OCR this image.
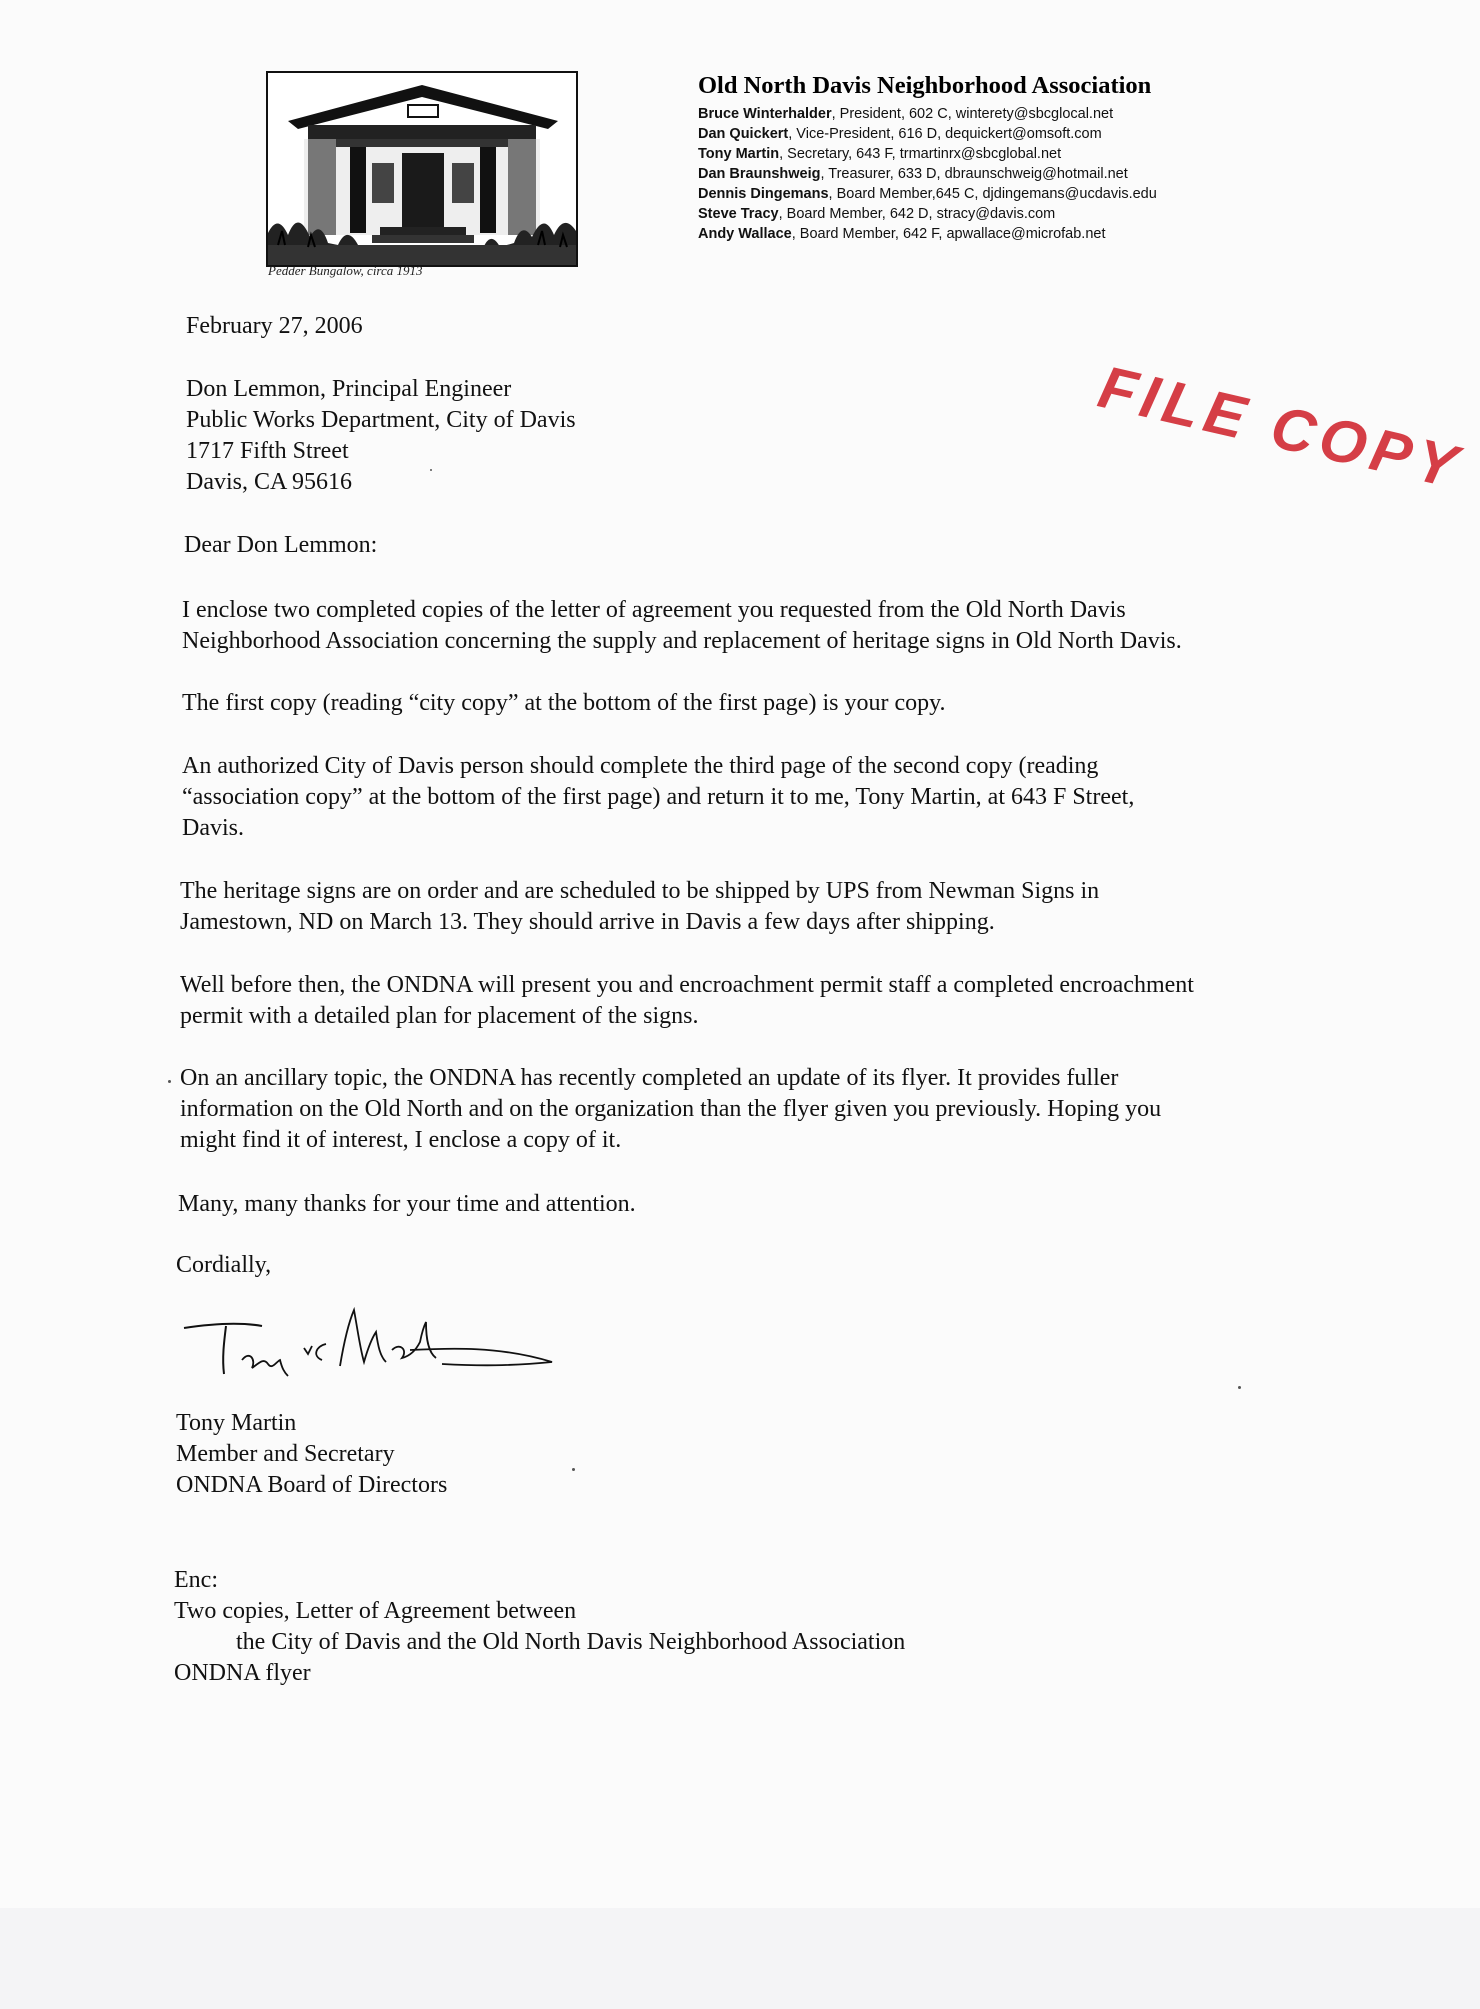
Pedder Bungalow, circa 1913
Old North Davis Neighborhood Association
Bruce Winterhalder, President, 602 C, winterety@sbcglocal.net
Dan Quickert, Vice-President, 616 D, dequickert@omsoft.com
Tony Martin, Secretary, 643 F, trmartinrx@sbcglobal.net
Dan Braunshweig, Treasurer, 633 D, dbraunschweig@hotmail.net
Dennis Dingemans, Board Member,645 C, djdingemans@ucdavis.edu
Steve Tracy, Board Member, 642 D, stracy@davis.com
Andy Wallace, Board Member, 642 F, apwallace@microfab.net
FILE COPY
February 27, 2006
Don Lemmon, Principal Engineer
Public Works Department, City of Davis
1717 Fifth Street
Davis, CA 95616
Dear Don Lemmon:
I enclose two completed copies of the letter of agreement you requested from the Old North Davis
Neighborhood Association concerning the supply and replacement of heritage signs in Old North Davis.
The first copy (reading “city copy” at the bottom of the first page) is your copy.
An authorized City of Davis person should complete the third page of the second copy (reading
“association copy” at the bottom of the first page) and return it to me, Tony Martin, at 643 F Street,
Davis.
The heritage signs are on order and are scheduled to be shipped by UPS from Newman Signs in
Jamestown, ND on March 13. They should arrive in Davis a few days after shipping.
Well before then, the ONDNA will present you and encroachment permit staff a completed encroachment
permit with a detailed plan for placement of the signs.
On an ancillary topic, the ONDNA has recently completed an update of its flyer. It provides fuller
information on the Old North and on the organization than the flyer given you previously. Hoping you
might find it of interest, I enclose a copy of it.
Many, many thanks for your time and attention.
Cordially,
Tony Martin
Member and Secretary
ONDNA Board of Directors
Enc:
Two copies, Letter of Agreement between
the City of Davis and the Old North Davis Neighborhood Association
ONDNA flyer
